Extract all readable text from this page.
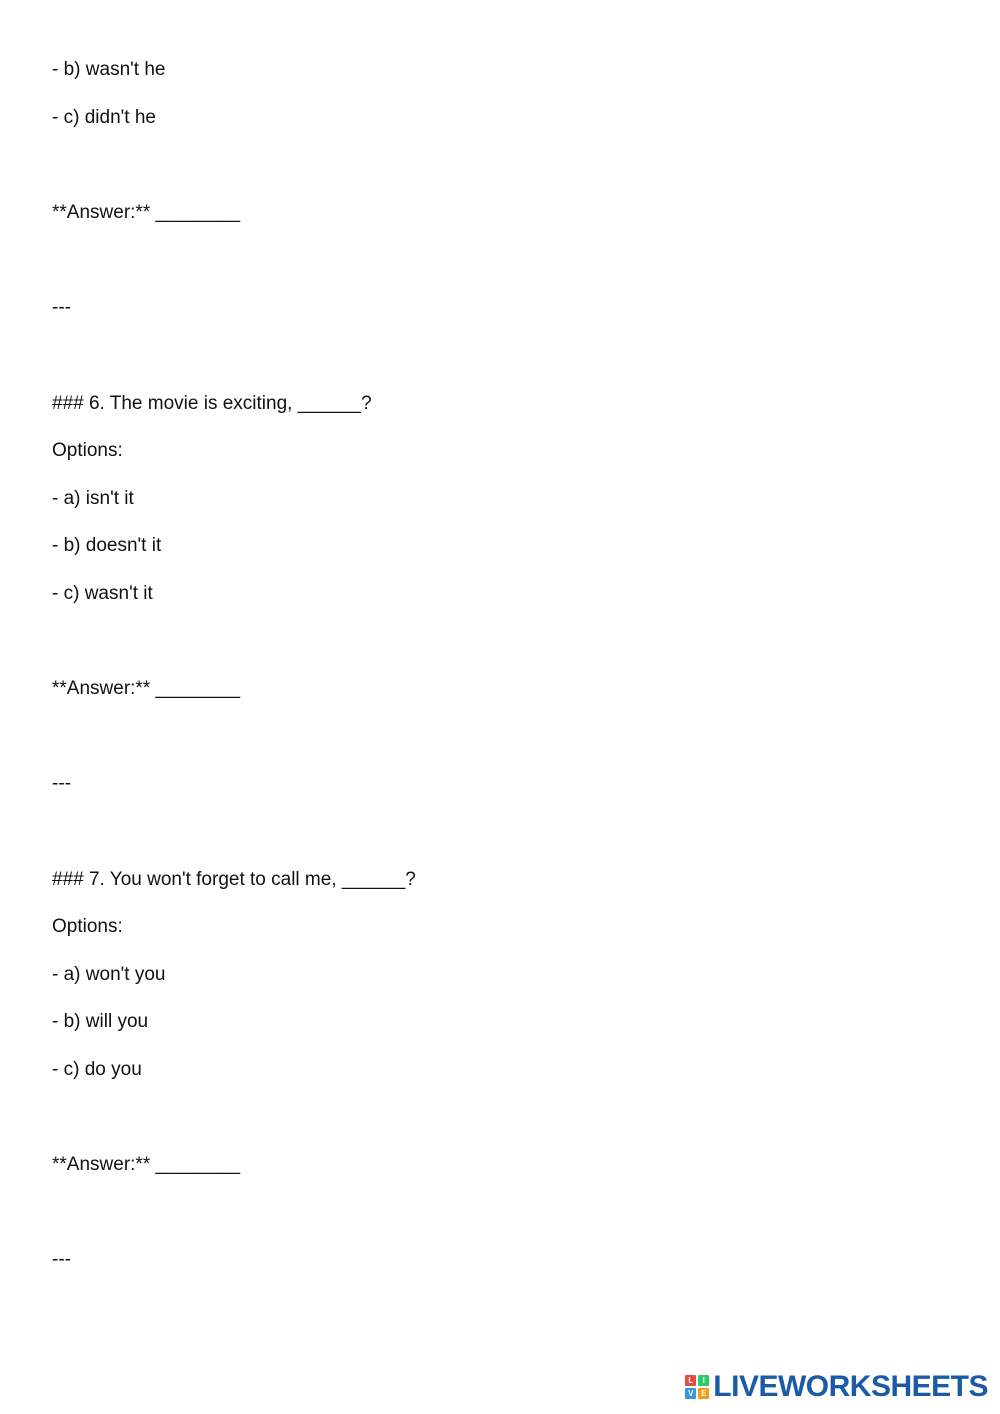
- b) wasn't he
- c) didn't he
**Answer:** ________
---
### 6. The movie is exciting, ______?
Options:
- a) isn't it
- b) doesn't it
- c) wasn't it
**Answer:** ________
---
### 7. You won't forget to call me, ______?
Options:
- a) won't you
- b) will you
- c) do you
**Answer:** ________
---
L	I
V E LIVEWORKSHEETS
